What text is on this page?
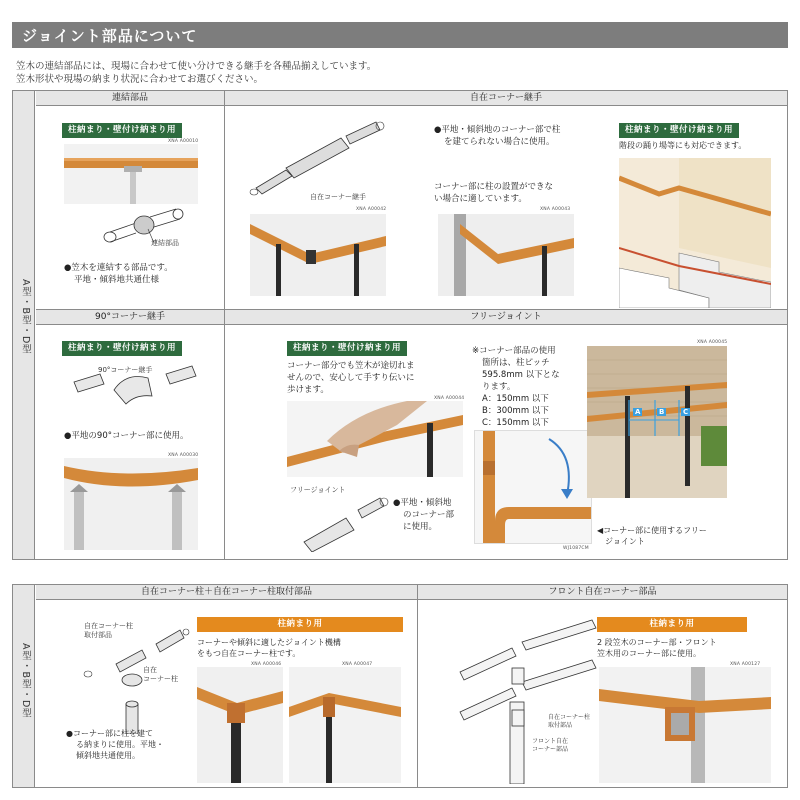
ジョイント部品について
笠木の連結部品には、現場に合わせて使い分けできる継手を各種品揃えしています。
笠木形状や現場の納まり状況に合わせてお選びください。
A型・B型・D型
連結部品	自在コーナー継手
90°コーナー継手	フリージョイント
柱納まり・壁付け納まり用
XNA A00010
連結部品
●笠木を連結する部品です。
平地・傾斜地共通仕様
自在コーナー継手
XNA A00042
●平地・傾斜地のコーナー部で柱
を建てられない場合に使用。
コーナー部に柱の設置ができな
い場合に適しています。
XNA A00043
柱納まり・壁付け納まり用
階段の踊り場等にも対応できます。
柱納まり・壁付け納まり用
90°コーナー継手
●平地の90°コーナー部に使用。
XNA A00030
柱納まり・壁付け納まり用
コーナー部分でも笠木が途切れま
せんので、安心して手すり伝いに
歩けます。
XNA A00044
フリージョイント
●平地・傾斜地
のコーナー部
に使用。
※コーナー部品の使用
箇所は、柱ピッチ
595.8mm 以下とな
ります。
A：150mm 以下
B：300mm 以下
C：150mm 以下
WJ1087CM
XNA A00045
A	B	C
◀コーナー部に使用するフリー
ジョイント
A型・B型・D型
自在コーナー柱＋自在コーナー柱取付部品	フロント自在コーナー部品
自在コーナー柱
取付部品
自在
コーナー柱
●コーナー部に柱を建て
る納まりに使用。平地・
傾斜地共通使用。
柱納まり用
コーナーや傾斜に適したジョイント機構
をもつ自在コーナー柱です。
XNA A00046	XNA A00047
自在コーナー柱
取付部品
フロント自在
コーナー部品
柱納まり用
2 段笠木のコーナー部・フロント
笠木用のコーナー部に使用。
XNA A00127
